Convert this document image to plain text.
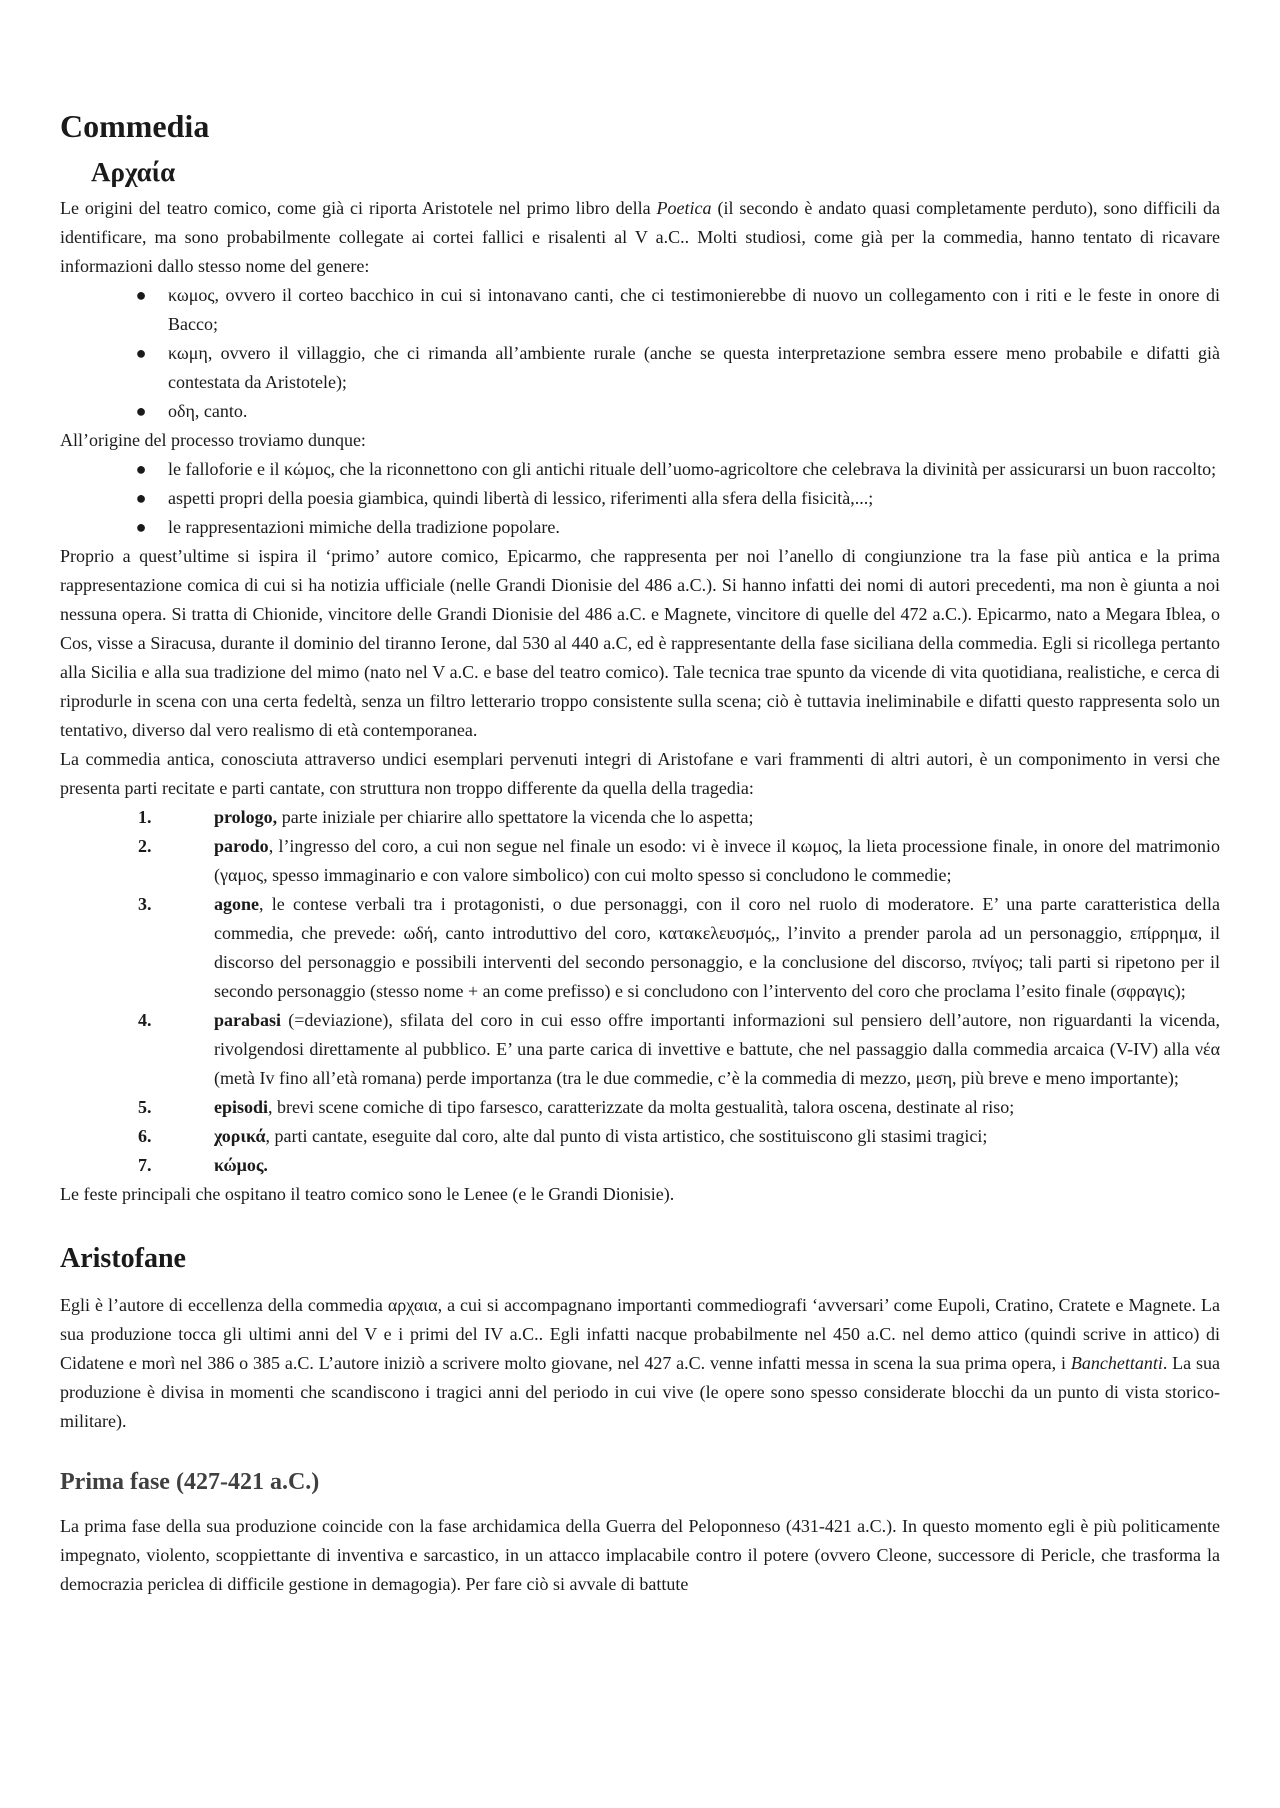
Commedia
Αρχαία

Le origini del teatro comico, come già ci riporta Aristotele nel primo libro della Poetica (il secondo è andato quasi completamente perduto), sono difficili da identificare, ma sono probabilmente collegate ai cortei fallici e risalenti al V a.C.. Molti studiosi, come già per la commedia, hanno tentato di ricavare informazioni dallo stesso nome del genere:

● κωμος, ovvero il corteo bacchico in cui si intonavano canti, che ci testimonierebbe di nuovo un collegamento con i riti e le feste in onore di Bacco;
● κωμη, ovvero il villaggio, che ci rimanda all’ambiente rurale (anche se questa interpretazione sembra essere meno probabile e difatti già contestata da Aristotele);
● οδη, canto.

All’origine del processo troviamo dunque:

● le falloforie e il κώμος, che la riconnettono con gli antichi rituale dell’uomo-agricoltore che celebrava la divinità per assicurarsi un buon raccolto;
● aspetti propri della poesia giambica, quindi libertà di lessico, riferimenti alla sfera della fisicità,...;
● le rappresentazioni mimiche della tradizione popolare.

Proprio a quest’ultime si ispira il ‘primo’ autore comico, Epicarmo, che rappresenta per noi l’anello di congiunzione tra la fase più antica e la prima rappresentazione comica di cui si ha notizia ufficiale (nelle Grandi Dionisie del 486 a.C.). Si hanno infatti dei nomi di autori precedenti, ma non è giunta a noi nessuna opera. Si tratta di Chionide, vincitore delle Grandi Dionisie del 486 a.C. e Magnete, vincitore di quelle del 472 a.C.). Epicarmo, nato a Megara Iblea, o Cos, visse a Siracusa, durante il dominio del tiranno Ierone, dal 530 al 440 a.C, ed è rappresentante della fase siciliana della commedia. Egli si ricollega pertanto alla Sicilia e alla sua tradizione del mimo (nato nel V a.C. e base del teatro comico). Tale tecnica trae spunto da vicende di vita quotidiana, realistiche, e cerca di riprodurle in scena con una certa fedeltà, senza un filtro letterario troppo consistente sulla scena; ciò è tuttavia ineliminabile e difatti questo rappresenta solo un tentativo, diverso dal vero realismo di età contemporanea.

La commedia antica, conosciuta attraverso undici esemplari pervenuti integri di Aristofane e vari frammenti di altri autori, è un componimento in versi che presenta parti recitate e parti cantate, con struttura non troppo differente da quella della tragedia:

1.	prologo, parte iniziale per chiarire allo spettatore la vicenda che lo aspetta;
2.	parodo, l’ingresso del coro, a cui non segue nel finale un esodo: vi è invece il κωμος, la lieta processione finale, in onore del matrimonio (γαμος, spesso immaginario e con valore simbolico) con cui molto spesso si concludono le commedie;
3.	agone, le contese verbali tra i protagonisti, o due personaggi, con il coro nel ruolo di moderatore. E’ una parte caratteristica della commedia, che prevede: ωδή, canto introduttivo del coro, κατακελευσμός,, l’invito a prender parola ad un personaggio, επίρρημα, il discorso del personaggio e possibili interventi del secondo personaggio, e la conclusione del discorso, πνίγος; tali parti si ripetono per il secondo personaggio (stesso nome + an come prefisso) e si concludono con l’intervento del coro che proclama l’esito finale (σφραγις);
4.	parabasi (=deviazione), sfilata del coro in cui esso offre importanti informazioni sul pensiero dell’autore, non riguardanti la vicenda, rivolgendosi direttamente al pubblico. E’ una parte carica di invettive e battute, che nel passaggio dalla commedia arcaica (V-IV) alla νέα (metà Iv fino all’età romana) perde importanza (tra le due commedie, c’è la commedia di mezzo, μεση, più breve e meno importante);
5.	episodi, brevi scene comiche di tipo farsesco, caratterizzate da molta gestualità, talora oscena, destinate al riso;
6.	χορικά, parti cantate, eseguite dal coro, alte dal punto di vista artistico, che sostituiscono gli stasimi tragici;
7.	κώμος.

Le feste principali che ospitano il teatro comico sono le Lenee (e le Grandi Dionisie).

Aristofane

Egli è l’autore di eccellenza della commedia αρχαια, a cui si accompagnano importanti commediografi ‘avversari’ come Eupoli, Cratino, Cratete e Magnete. La sua produzione tocca gli ultimi anni del V e i primi del IV a.C.. Egli infatti nacque probabilmente nel 450 a.C. nel demo attico (quindi scrive in attico) di Cidatene e morì nel 386 o 385 a.C. L’autore iniziò a scrivere molto giovane, nel 427 a.C. venne infatti messa in scena la sua prima opera, i Banchettanti. La sua produzione è divisa in momenti che scandiscono i tragici anni del periodo in cui vive (le opere sono spesso considerate blocchi da un punto di vista storico-militare).

Prima fase (427-421 a.C.)

La prima fase della sua produzione coincide con la fase archidamica della Guerra del Peloponneso (431-421 a.C.). In questo momento egli è più politicamente impegnato, violento, scoppiettante di inventiva e sarcastico, in un attacco implacabile contro il potere (ovvero Cleone, successore di Pericle, che trasforma la democrazia periclea di difficile gestione in demagogia). Per fare ciò si avvale di battute
